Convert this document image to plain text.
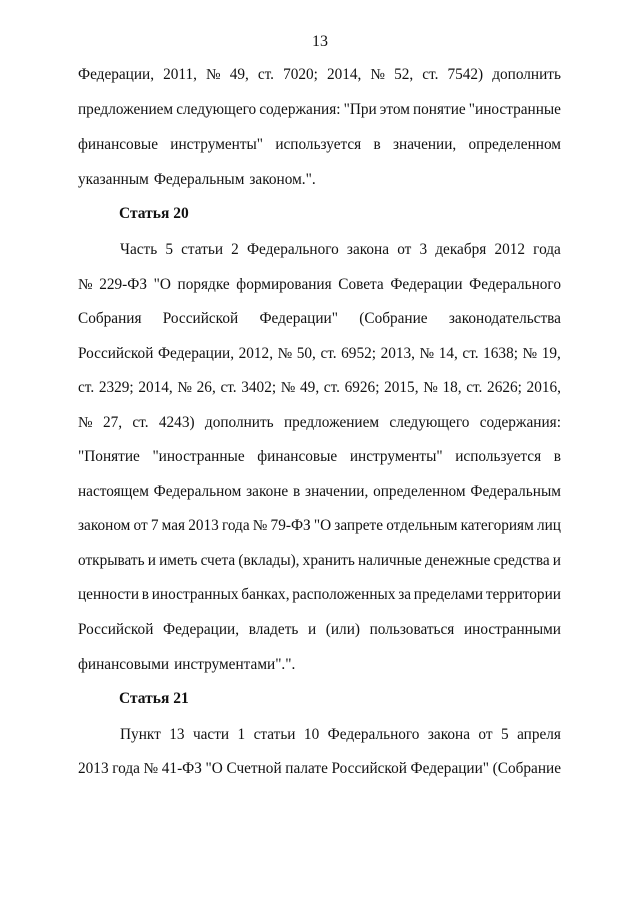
13
Федерации, 2011, № 49, ст. 7020; 2014, № 52, ст. 7542) дополнить
предложением следующего содержания: "При этом понятие "иностранные
финансовые инструменты" используется в значении, определенном
указанным Федеральным законом.".
Статья 20
Часть 5 статьи 2 Федерального закона от 3 декабря 2012 года
№ 229-ФЗ "О порядке формирования Совета Федерации Федерального
Собрания Российской Федерации" (Собрание законодательства
Российской Федерации, 2012, № 50, ст. 6952; 2013, № 14, ст. 1638; № 19,
ст. 2329; 2014, № 26, ст. 3402; № 49, ст. 6926; 2015, № 18, ст. 2626; 2016,
№ 27, ст. 4243) дополнить предложением следующего содержания:
"Понятие "иностранные финансовые инструменты" используется в
настоящем Федеральном законе в значении, определенном Федеральным
законом от 7 мая 2013 года № 79-ФЗ "О запрете отдельным категориям лиц
открывать и иметь счета (вклады), хранить наличные денежные средства и
ценности в иностранных банках, расположенных за пределами территории
Российской Федерации, владеть и (или) пользоваться иностранными
финансовыми инструментами".".
Статья 21
Пункт 13 части 1 статьи 10 Федерального закона от 5 апреля
2013 года № 41-ФЗ "О Счетной палате Российской Федерации" (Собрание
